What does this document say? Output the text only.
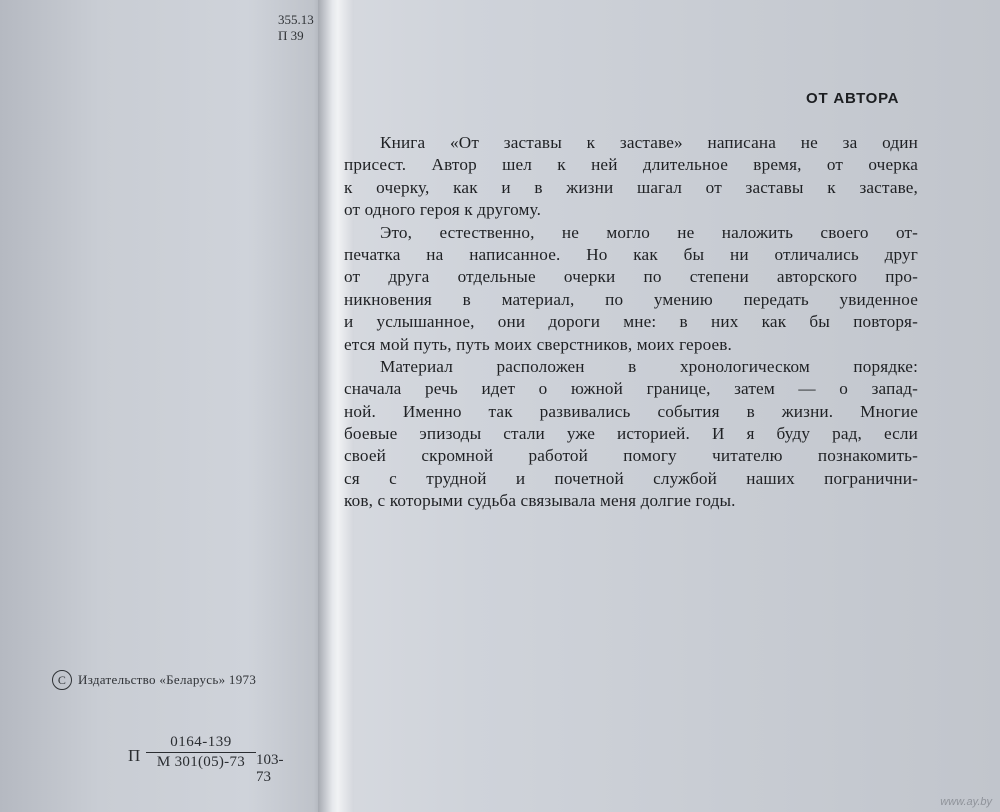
355.13
П 39
C Издательство «Беларусь» 1973
П
0164-139
М 301(05)-73 103-73
ОТ АВТОРА
Книга «От заставы к заставе» написана не за один
присест. Автор шел к ней длительное время, от очерка
к очерку, как и в жизни шагал от заставы к заставе,
от одного героя к другому.
Это, естественно, не могло не наложить своего от-
печатка на написанное. Но как бы ни отличались друг
от друга отдельные очерки по степени авторского про-
никновения в материал, по умению передать увиденное
и услышанное, они дороги мне: в них как бы повторя-
ется мой путь, путь моих сверстников, моих героев.
Материал расположен в хронологическом порядке:
сначала речь идет о южной границе, затем — о запад-
ной. Именно так развивались события в жизни. Многие
боевые эпизоды стали уже историей. И я буду рад, если
своей скромной работой помогу читателю познакомить-
ся с трудной и почетной службой наших погранични-
ков, с которыми судьба связывала меня долгие годы.
www.ay.by
